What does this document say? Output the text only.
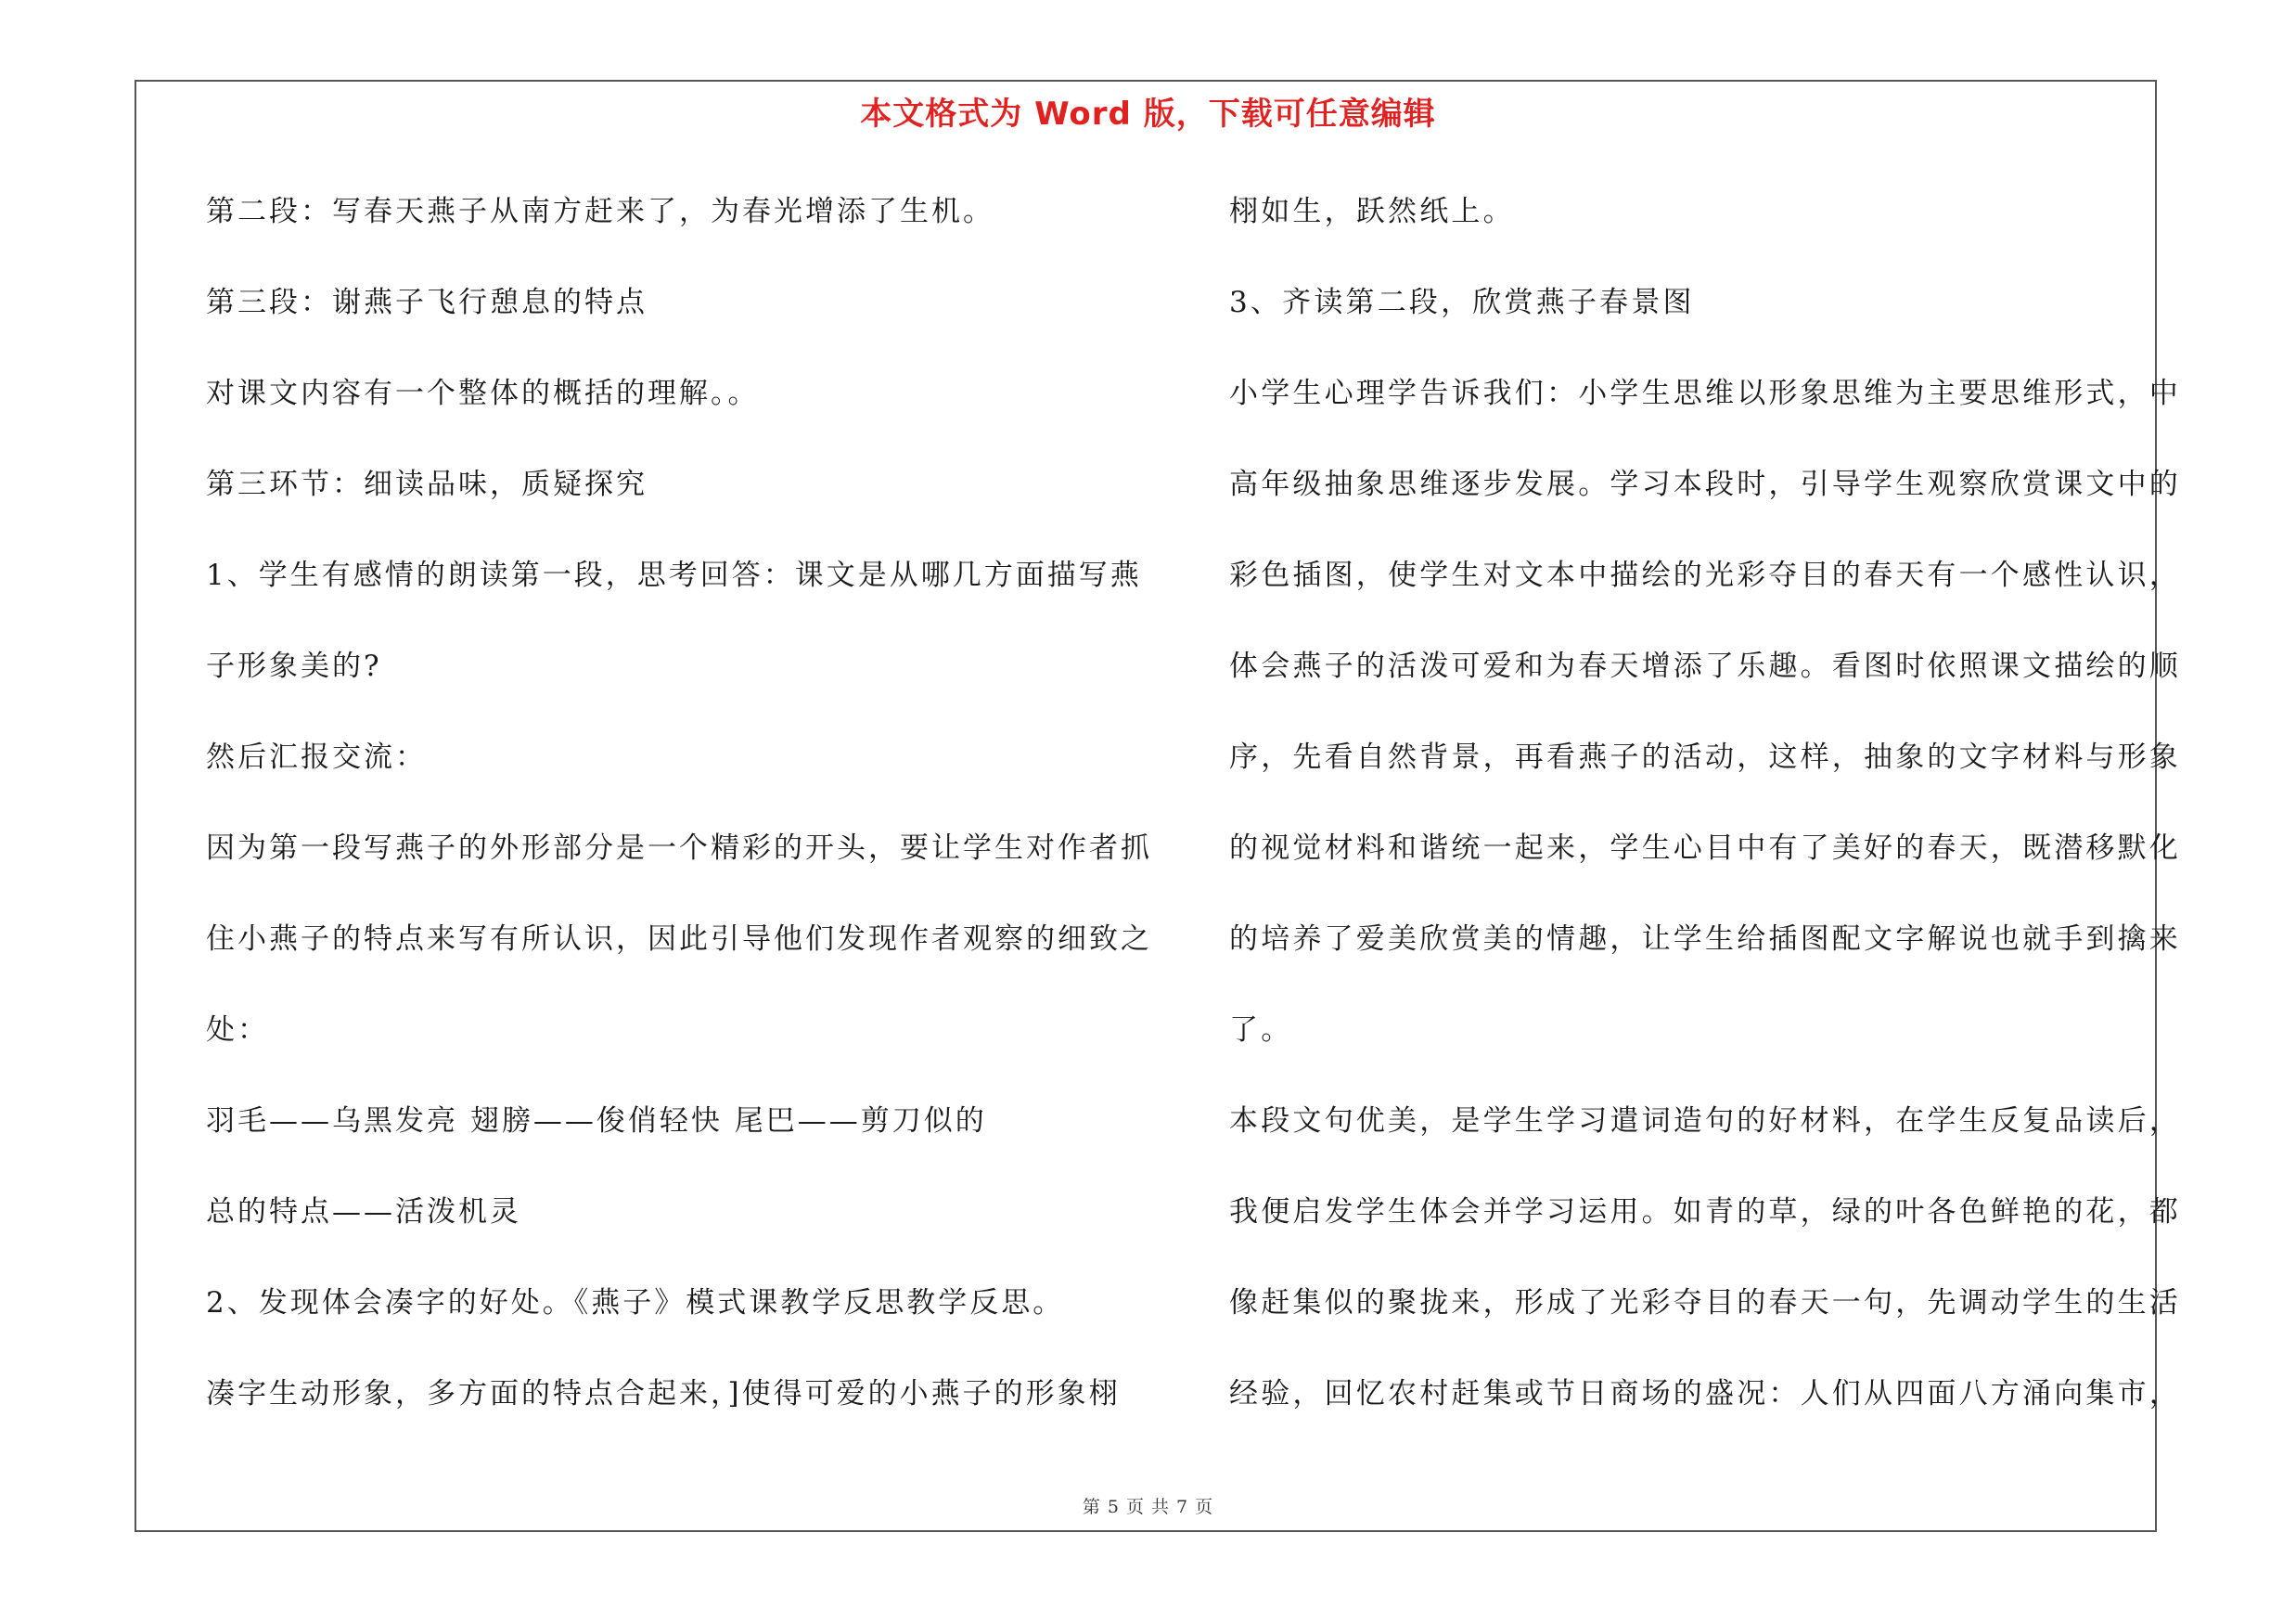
本文格式为 Word 版，下载可任意编辑
第二段：写春天燕子从南方赶来了，为春光增添了生机。
第三段：谢燕子飞行憩息的特点
对课文内容有一个整体的概括的理解。。
第三环节：细读品味，质疑探究
1、学生有感情的朗读第一段，思考回答：课文是从哪几方面描写燕
子形象美的?
然后汇报交流：
因为第一段写燕子的外形部分是一个精彩的开头，要让学生对作者抓
住小燕子的特点来写有所认识，因此引导他们发现作者观察的细致之
处：
羽毛——乌黑发亮 翅膀——俊俏轻快 尾巴——剪刀似的
总的特点——活泼机灵
2、发现体会凑字的好处。《燕子》模式课教学反思教学反思。
凑字生动形象，多方面的特点合起来，]使得可爱的小燕子的形象栩
栩如生，跃然纸上。
3、齐读第二段，欣赏燕子春景图
小学生心理学告诉我们：小学生思维以形象思维为主要思维形式，中
高年级抽象思维逐步发展。学习本段时，引导学生观察欣赏课文中的
彩色插图，使学生对文本中描绘的光彩夺目的春天有一个感性认识，
体会燕子的活泼可爱和为春天增添了乐趣。看图时依照课文描绘的顺
序，先看自然背景，再看燕子的活动，这样，抽象的文字材料与形象
的视觉材料和谐统一起来，学生心目中有了美好的春天，既潜移默化
的培养了爱美欣赏美的情趣，让学生给插图配文字解说也就手到擒来
了。
本段文句优美，是学生学习遣词造句的好材料，在学生反复品读后，
我便启发学生体会并学习运用。如青的草，绿的叶各色鲜艳的花，都
像赶集似的聚拢来，形成了光彩夺目的春天一句，先调动学生的生活
经验，回忆农村赶集或节日商场的盛况：人们从四面八方涌向集市，
第 5 页 共 7 页
